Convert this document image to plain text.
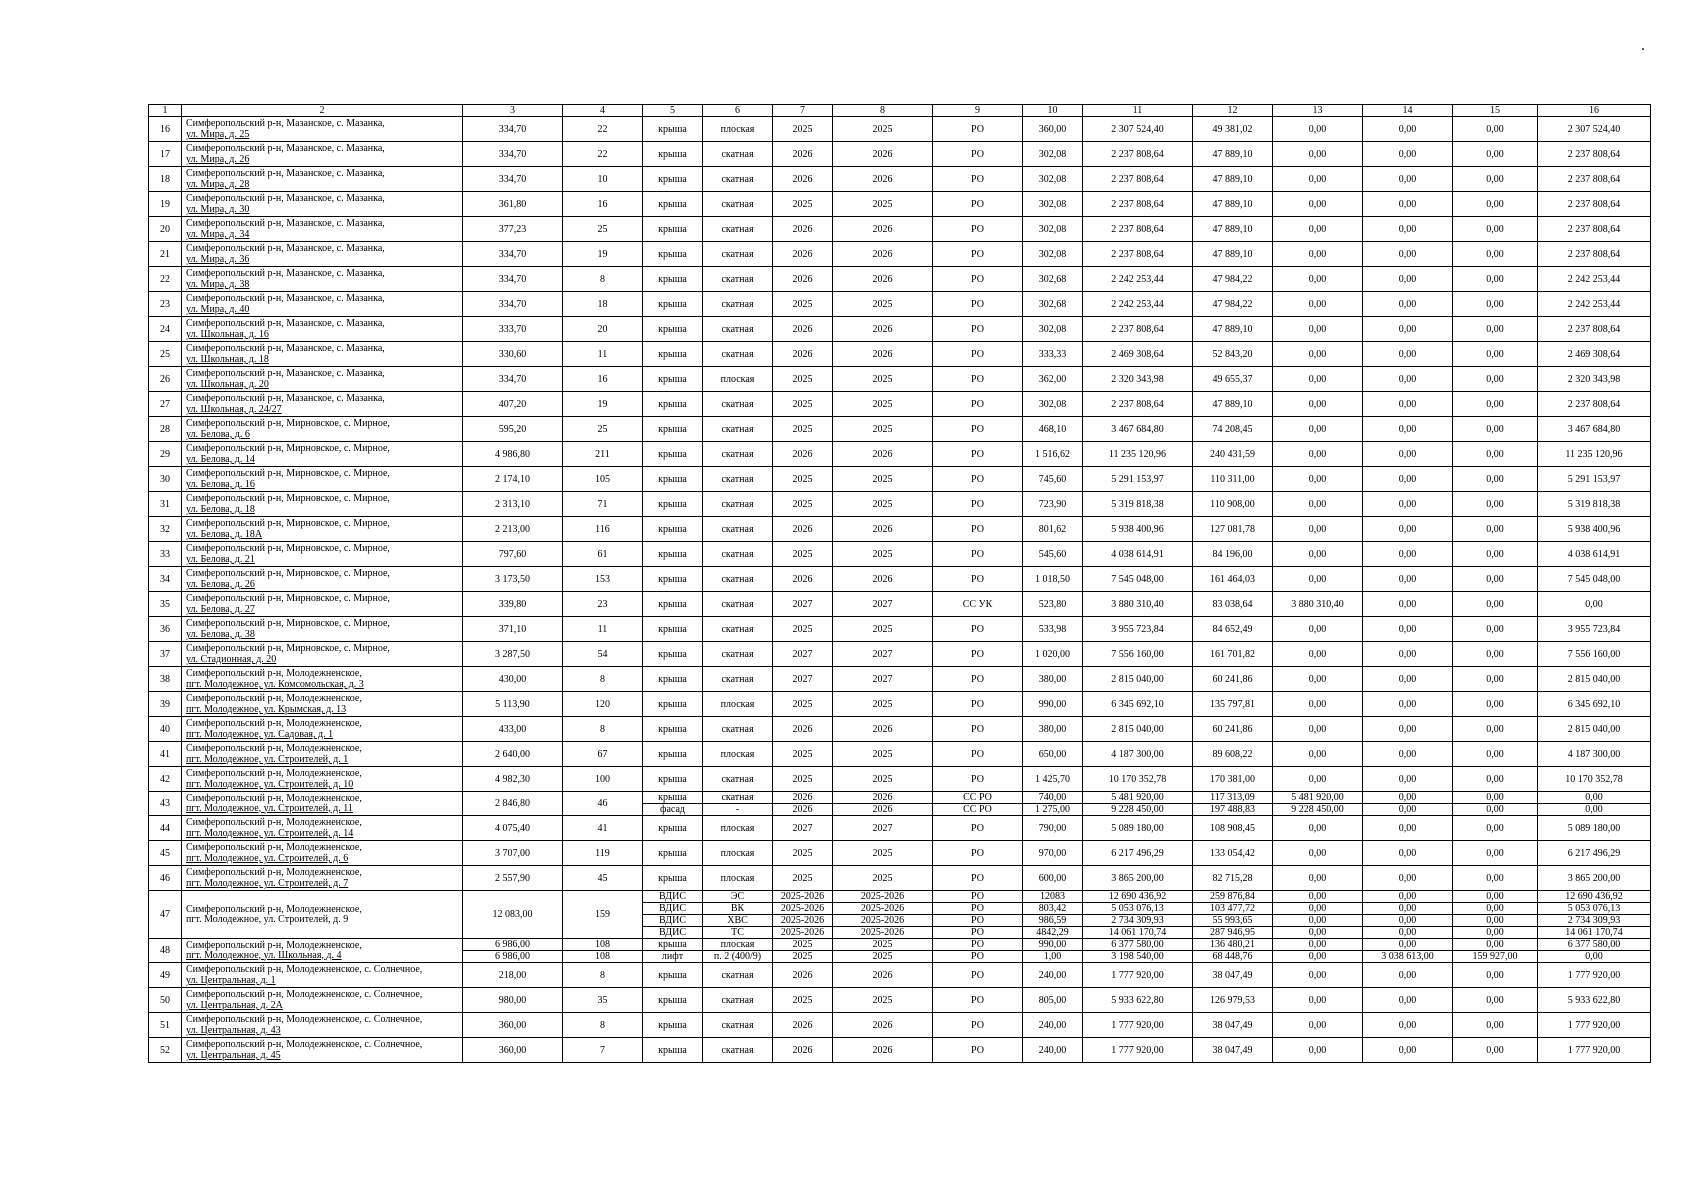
1	2	3	4	5	6	7	8	9	10	11	12	13	14	15	16
16	Симферопольский р-н, Мазанское, с. Мазанка,
ул. Мира, д. 25	334,70	22	крыша	плоская	2025	2025	РО	360,00	2 307 524,40	49 381,02	0,00	0,00	0,00	2 307 524,40
17	Симферопольский р-н, Мазанское, с. Мазанка,
ул. Мира, д. 26	334,70	22	крыша	скатная	2026	2026	РО	302,08	2 237 808,64	47 889,10	0,00	0,00	0,00	2 237 808,64
18	Симферопольский р-н, Мазанское, с. Мазанка,
ул. Мира, д. 28	334,70	10	крыша	скатная	2026	2026	РО	302,08	2 237 808,64	47 889,10	0,00	0,00	0,00	2 237 808,64
19	Симферопольский р-н, Мазанское, с. Мазанка,
ул. Мира, д. 30	361,80	16	крыша	скатная	2025	2025	РО	302,08	2 237 808,64	47 889,10	0,00	0,00	0,00	2 237 808,64
20	Симферопольский р-н, Мазанское, с. Мазанка,
ул. Мира, д. 34	377,23	25	крыша	скатная	2026	2026	РО	302,08	2 237 808,64	47 889,10	0,00	0,00	0,00	2 237 808,64
21	Симферопольский р-н, Мазанское, с. Мазанка,
ул. Мира, д. 36	334,70	19	крыша	скатная	2026	2026	РО	302,08	2 237 808,64	47 889,10	0,00	0,00	0,00	2 237 808,64
22	Симферопольский р-н, Мазанское, с. Мазанка,
ул. Мира, д. 38	334,70	8	крыша	скатная	2026	2026	РО	302,68	2 242 253,44	47 984,22	0,00	0,00	0,00	2 242 253,44
23	Симферопольский р-н, Мазанское, с. Мазанка,
ул. Мира, д. 40	334,70	18	крыша	скатная	2025	2025	РО	302,68	2 242 253,44	47 984,22	0,00	0,00	0,00	2 242 253,44
24	Симферопольский р-н, Мазанское, с. Мазанка,
ул. Школьная, д. 16	333,70	20	крыша	скатная	2026	2026	РО	302,08	2 237 808,64	47 889,10	0,00	0,00	0,00	2 237 808,64
25	Симферопольский р-н, Мазанское, с. Мазанка,
ул. Школьная, д. 18	330,60	11	крыша	скатная	2026	2026	РО	333,33	2 469 308,64	52 843,20	0,00	0,00	0,00	2 469 308,64
26	Симферопольский р-н, Мазанское, с. Мазанка,
ул. Школьная, д. 20	334,70	16	крыша	плоская	2025	2025	РО	362,00	2 320 343,98	49 655,37	0,00	0,00	0,00	2 320 343,98
27	Симферопольский р-н, Мазанское, с. Мазанка,
ул. Школьная, д. 24/27	407,20	19	крыша	скатная	2025	2025	РО	302,08	2 237 808,64	47 889,10	0,00	0,00	0,00	2 237 808,64
28	Симферопольский р-н, Мирновское, с. Мирное,
ул. Белова, д. 6	595,20	25	крыша	скатная	2025	2025	РО	468,10	3 467 684,80	74 208,45	0,00	0,00	0,00	3 467 684,80
29	Симферопольский р-н, Мирновское, с. Мирное,
ул. Белова, д. 14	4 986,80	211	крыша	скатная	2026	2026	РО	1 516,62	11 235 120,96	240 431,59	0,00	0,00	0,00	11 235 120,96
30	Симферопольский р-н, Мирновское, с. Мирное,
ул. Белова, д. 16	2 174,10	105	крыша	скатная	2025	2025	РО	745,60	5 291 153,97	110 311,00	0,00	0,00	0,00	5 291 153,97
31	Симферопольский р-н, Мирновское, с. Мирное,
ул. Белова, д. 18	2 313,10	71	крыша	скатная	2025	2025	РО	723,90	5 319 818,38	110 908,00	0,00	0,00	0,00	5 319 818,38
32	Симферопольский р-н, Мирновское, с. Мирное,
ул. Белова, д. 18А	2 213,00	116	крыша	скатная	2026	2026	РО	801,62	5 938 400,96	127 081,78	0,00	0,00	0,00	5 938 400,96
33	Симферопольский р-н, Мирновское, с. Мирное,
ул. Белова, д. 21	797,60	61	крыша	скатная	2025	2025	РО	545,60	4 038 614,91	84 196,00	0,00	0,00	0,00	4 038 614,91
34	Симферопольский р-н, Мирновское, с. Мирное,
ул. Белова, д. 26	3 173,50	153	крыша	скатная	2026	2026	РО	1 018,50	7 545 048,00	161 464,03	0,00	0,00	0,00	7 545 048,00
35	Симферопольский р-н, Мирновское, с. Мирное,
ул. Белова, д. 27	339,80	23	крыша	скатная	2027	2027	СС УК	523,80	3 880 310,40	83 038,64	3 880 310,40	0,00	0,00	0,00
36	Симферопольский р-н, Мирновское, с. Мирное,
ул. Белова, д. 38	371,10	11	крыша	скатная	2025	2025	РО	533,98	3 955 723,84	84 652,49	0,00	0,00	0,00	3 955 723,84
37	Симферопольский р-н, Мирновское, с. Мирное,
ул. Стадионная, д. 20	3 287,50	54	крыша	скатная	2027	2027	РО	1 020,00	7 556 160,00	161 701,82	0,00	0,00	0,00	7 556 160,00
38	Симферопольский р-н, Молодежненское,
пгт. Молодежное, ул. Комсомольская, д. 3	430,00	8	крыша	скатная	2027	2027	РО	380,00	2 815 040,00	60 241,86	0,00	0,00	0,00	2 815 040,00
39	Симферопольский р-н, Молодежненское,
пгт. Молодежное, ул. Крымская, д. 13	5 113,90	120	крыша	плоская	2025	2025	РО	990,00	6 345 692,10	135 797,81	0,00	0,00	0,00	6 345 692,10
40	Симферопольский р-н, Молодежненское,
пгт. Молодежное, ул. Садовая, д. 1	433,00	8	крыша	скатная	2026	2026	РО	380,00	2 815 040,00	60 241,86	0,00	0,00	0,00	2 815 040,00
41	Симферопольский р-н, Молодежненское,
пгт. Молодежное, ул. Строителей, д. 1	2 640,00	67	крыша	плоская	2025	2025	РО	650,00	4 187 300,00	89 608,22	0,00	0,00	0,00	4 187 300,00
42	Симферопольский р-н, Молодежненское,
пгт. Молодежное, ул. Строителей, д. 10	4 982,30	100	крыша	скатная	2025	2025	РО	1 425,70	10 170 352,78	170 381,00	0,00	0,00	0,00	10 170 352,78
43	Симферопольский р-н, Молодежненское,
пгт. Молодежное, ул. Строителей, д. 11	2 846,80	46	крыша	скатная	2026	2026	СС РО	740,00	5 481 920,00	117 313,09	5 481 920,00	0,00	0,00	0,00
				фасад	-	2026	2026	СС РО	1 275,00	9 228 450,00	197 488,83	9 228 450,00	0,00	0,00	0,00
44	Симферопольский р-н, Молодежненское,
пгт. Молодежное, ул. Строителей, д. 14	4 075,40	41	крыша	плоская	2027	2027	РО	790,00	5 089 180,00	108 908,45	0,00	0,00	0,00	5 089 180,00
45	Симферопольский р-н, Молодежненское,
пгт. Молодежное, ул. Строителей, д. 6	3 707,00	119	крыша	плоская	2025	2025	РО	970,00	6 217 496,29	133 054,42	0,00	0,00	0,00	6 217 496,29
46	Симферопольский р-н, Молодежненское,
пгт. Молодежное, ул. Строителей, д. 7	2 557,90	45	крыша	плоская	2025	2025	РО	600,00	3 865 200,00	82 715,28	0,00	0,00	0,00	3 865 200,00
47	Симферопольский р-н, Молодежненское,
пгт. Молодежное, ул. Строителей, д. 9	12 083,00	159	ВДИС	ЭС	2025-2026	2025-2026	РО	12083	12 690 436,92	259 876,84	0,00	0,00	0,00	12 690 436,92
				ВДИС	ВК	2025-2026	2025-2026	РО	803,42	5 053 076,13	103 477,72	0,00	0,00	0,00	5 053 076,13
				ВДИС	ХВС	2025-2026	2025-2026	РО	986,59	2 734 309,93	55 993,65	0,00	0,00	0,00	2 734 309,93
				ВДИС	ТС	2025-2026	2025-2026	РО	4842,29	14 061 170,74	287 946,95	0,00	0,00	0,00	14 061 170,74
48	Симферопольский р-н, Молодежненское,
пгт. Молодежное, ул. Школьная, д. 4	6 986,00	108	крыша	плоская	2025	2025	РО	990,00	6 377 580,00	136 480,21	0,00	0,00	0,00	6 377 580,00
		6 986,00	108	лифт	п. 2 (400/9)	2025	2025	РО	1,00	3 198 540,00	68 448,76	0,00	3 038 613,00	159 927,00	0,00
49	Симферопольский р-н, Молодежненское, с. Солнечное,
ул. Центральная, д. 1	218,00	8	крыша	скатная	2026	2026	РО	240,00	1 777 920,00	38 047,49	0,00	0,00	0,00	1 777 920,00
50	Симферопольский р-н, Молодежненское, с. Солнечное,
ул. Центральная, д. 2А	980,00	35	крыша	скатная	2025	2025	РО	805,00	5 933 622,80	126 979,53	0,00	0,00	0,00	5 933 622,80
51	Симферопольский р-н, Молодежненское, с. Солнечное,
ул. Центральная, д. 43	360,00	8	крыша	скатная	2026	2026	РО	240,00	1 777 920,00	38 047,49	0,00	0,00	0,00	1 777 920,00
52	Симферопольский р-н, Молодежненское, с. Солнечное,
ул. Центральная, д. 45	360,00	7	крыша	скатная	2026	2026	РО	240,00	1 777 920,00	38 047,49	0,00	0,00	0,00	1 777 920,00
